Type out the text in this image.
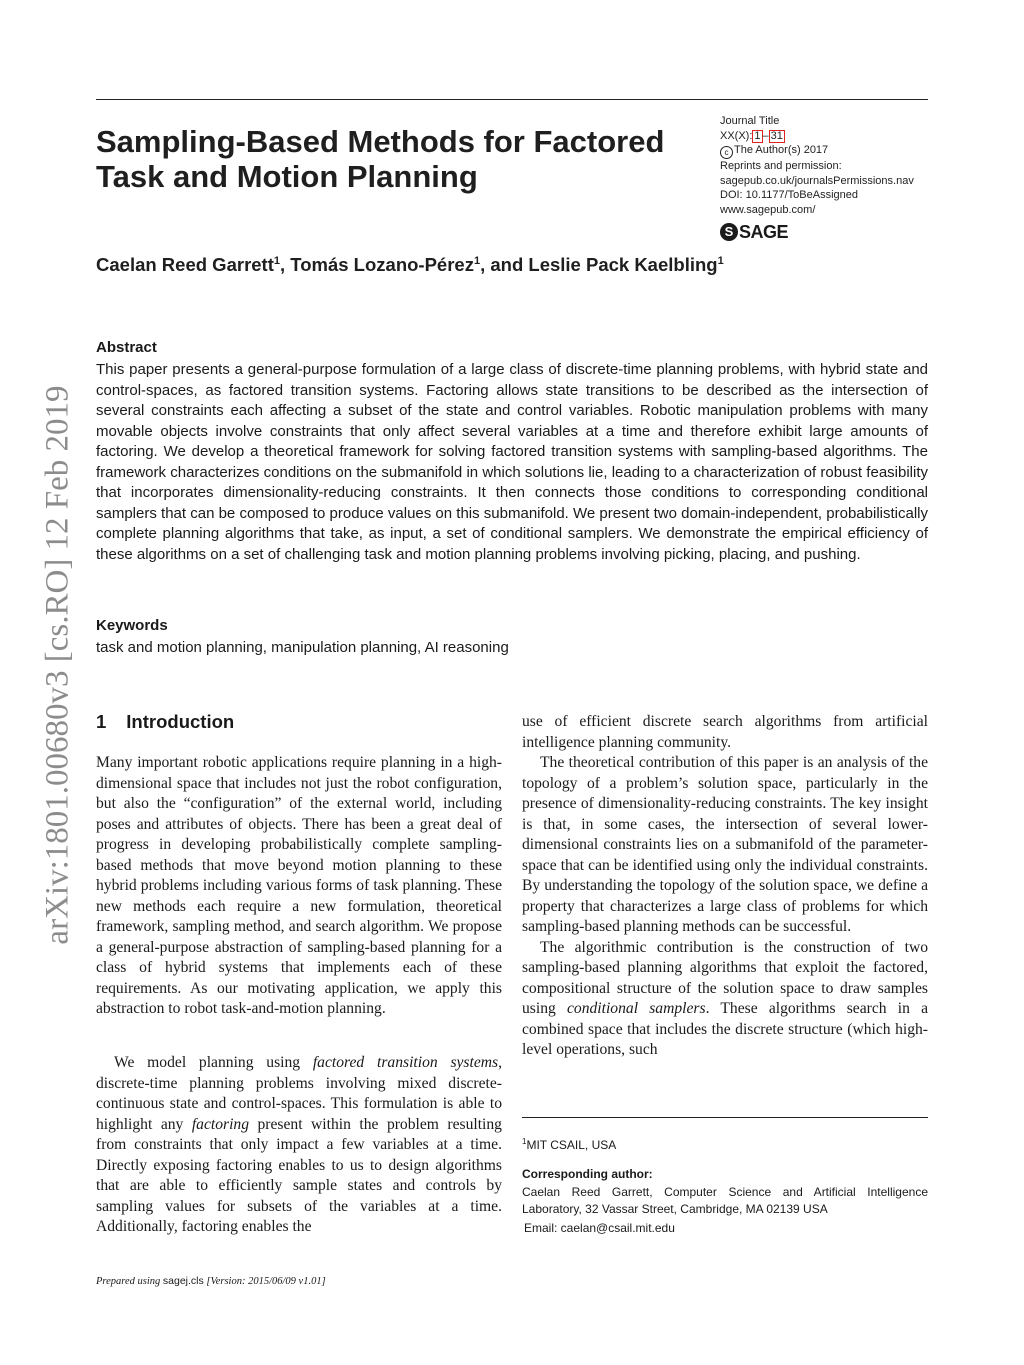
Sampling-Based Methods for Factored
Task and Motion Planning
Journal Title
XX(X): 1 – 31
c The Author(s) 2017
Reprints and permission:
sagepub.co.uk/journalsPermissions.nav
DOI: 10.1177/ToBeAssigned
www.sagepub.com/
S SAGE
Caelan Reed Garrett$^1$, Tomás Lozano-Pérez$^1$, and Leslie Pack Kaelbling$^1$
arXiv:1801.00680v3 [cs.RO] 12 Feb 2019
Abstract
This paper presents a general-purpose formulation of a large class of discrete-time planning problems, with hybrid state and control-spaces, as factored transition systems. Factoring allows state transitions to be described as the intersection of several constraints each affecting a subset of the state and control variables. Robotic manipulation problems with many movable objects involve constraints that only affect several variables at a time and therefore exhibit large amounts of factoring. We develop a theoretical framework for solving factored transition systems with sampling-based algorithms. The framework characterizes conditions on the submanifold in which solutions lie, leading to a characterization of robust feasibility that incorporates dimensionality-reducing constraints. It then connects those conditions to corresponding conditional samplers that can be composed to produce values on this submanifold. We present two domain-independent, probabilistically complete planning algorithms that take, as input, a set of conditional samplers. We demonstrate the empirical efficiency of these algorithms on a set of challenging task and motion planning problems involving picking, placing, and pushing.
Keywords
task and motion planning, manipulation planning, AI reasoning
1 Introduction

Many important robotic applications require planning in a high-dimensional space that includes not just the robot configuration, but also the “configuration” of the external world, including poses and attributes of objects. There has been a great deal of progress in developing probabilistically complete sampling-based methods that move beyond motion planning to these hybrid problems including various forms of task planning. These new methods each require a new formulation, theoretical framework, sampling method, and search algorithm. We propose a general-purpose abstraction of sampling-based planning for a class of hybrid systems that implements each of these requirements. As our motivating application, we apply this abstraction to robot task-and-motion planning.

We model planning using factored transition systems, discrete-time planning problems involving mixed discrete-continuous state and control-spaces. This formulation is able to highlight any factoring present within the problem resulting from constraints that only impact a few variables at a time. Directly exposing factoring enables to us to design algorithms that are able to efficiently sample states and controls by sampling values for subsets of the variables at a time. Additionally, factoring enables the

use of efficient discrete search algorithms from artificial intelligence planning community.

The theoretical contribution of this paper is an analysis of the topology of a problem’s solution space, particularly in the presence of dimensionality-reducing constraints. The key insight is that, in some cases, the intersection of several lower-dimensional constraints lies on a submanifold of the parameter-space that can be identified using only the individual constraints. By understanding the topology of the solution space, we define a property that characterizes a large class of problems for which sampling-based planning methods can be successful.

The algorithmic contribution is the construction of two sampling-based planning algorithms that exploit the factored, compositional structure of the solution space to draw samples using conditional samplers. These algorithms search in a combined space that includes the discrete structure (which high-level operations, such

$^1$MIT CSAIL, USA
Corresponding author:
Caelan Reed Garrett, Computer Science and Artificial Intelligence Laboratory, 32 Vassar Street, Cambridge, MA 02139 USA
Email: caelan@csail.mit.edu
Prepared using sagej.cls [Version: 2015/06/09 v1.01]
